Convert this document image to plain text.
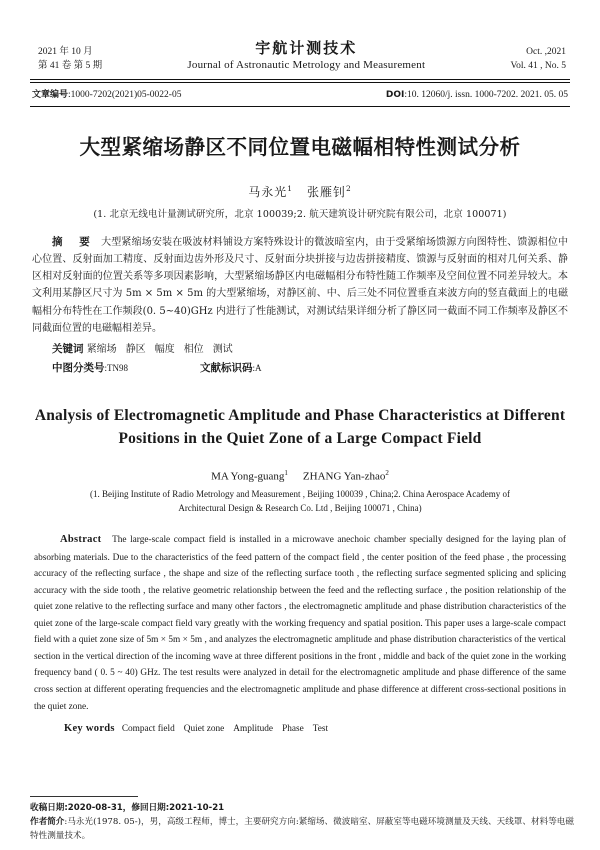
2021 年 10 月
第 41 卷 第 5 期
宇航计测技术
Journal of Astronautic Metrology and Measurement
Oct. ,2021
Vol. 41 , No. 5
文章编号:1000-7202(2021)05-0022-05	DOI:10. 12060/j. issn. 1000-7202. 2021. 05. 05
大型紧缩场静区不同位置电磁幅相特性测试分析
马永光$^1$ 张雁钊$^2$
(1. 北京无线电计量测试研究所，北京 100039;2. 航天建筑设计研究院有限公司，北京 100071)
摘　要 大型紧缩场安装在吸波材料铺设方案特殊设计的微波暗室内，由于受紧缩场馈源方向图特性、馈源相位中心位置、反射面加工精度、反射面边齿外形及尺寸、反射面分块拼接与边齿拼接精度、馈源与反射面的相对几何关系、静区相对反射面的位置关系等多项因素影响，大型紧缩场静区内电磁幅相分布特性随工作频率及空间位置不同差异较大。本文利用某静区尺寸为 5m × 5m × 5m 的大型紧缩场，对静区前、中、后三处不同位置垂直来波方向的竖直截面上的电磁幅相分布特性在工作频段(0. 5~40)GHz 内进行了性能测试，对测试结果详细分析了静区同一截面不同工作频率及静区不同截面位置的电磁幅相差异。
关键词 紧缩场 静区 幅度 相位 测试
中图分类号:TN98	文献标识码:A
Analysis of Electromagnetic Amplitude and Phase Characteristics at Different Positions in the Quiet Zone of a Large Compact Field
MA Yong-guang$^1$ ZHANG Yan-zhao$^2$
(1. Beijing Institute of Radio Metrology and Measurement , Beijing 100039 , China;2. China Aerospace Academy of
Architectural Design & Research Co. Ltd , Beijing 100071 , China)
Abstract The large-scale compact field is installed in a microwave anechoic chamber specially designed for the laying plan of absorbing materials. Due to the characteristics of the feed pattern of the compact field , the center position of the feed phase , the processing accuracy of the reflecting surface , the shape and size of the reflecting surface tooth , the reflecting surface segmented splicing and splicing accuracy with the side tooth , the relative geometric relationship between the feed and the reflecting surface , the position relationship of the quiet zone relative to the reflecting surface and many other factors , the electromagnetic amplitude and phase distribution characteristics of the quiet zone of the large-scale compact field vary greatly with the working frequency and spatial position. This paper uses a large-scale compact field with a quiet zone size of 5m × 5m × 5m , and analyzes the electromagnetic amplitude and phase distribution characteristics of the vertical section in the vertical direction of the incoming wave at three different positions in the front , middle and back of the quiet zone in the working frequency band ( 0. 5 ~ 40) GHz. The test results were analyzed in detail for the electromagnetic amplitude and phase difference of the same cross section at different operating frequencies and the electromagnetic amplitude and phase difference at different cross-sectional positions in the quiet zone.
Key words Compact field Quiet zone Amplitude Phase Test
收稿日期:2020-08-31，修回日期:2021-10-21
作者简介:马永光(1978. 05-)，男，高级工程师，博士，主要研究方向:紧缩场、微波暗室、屏蔽室等电磁环境测量及天线、天线罩、材料等电磁特性测量技术。
